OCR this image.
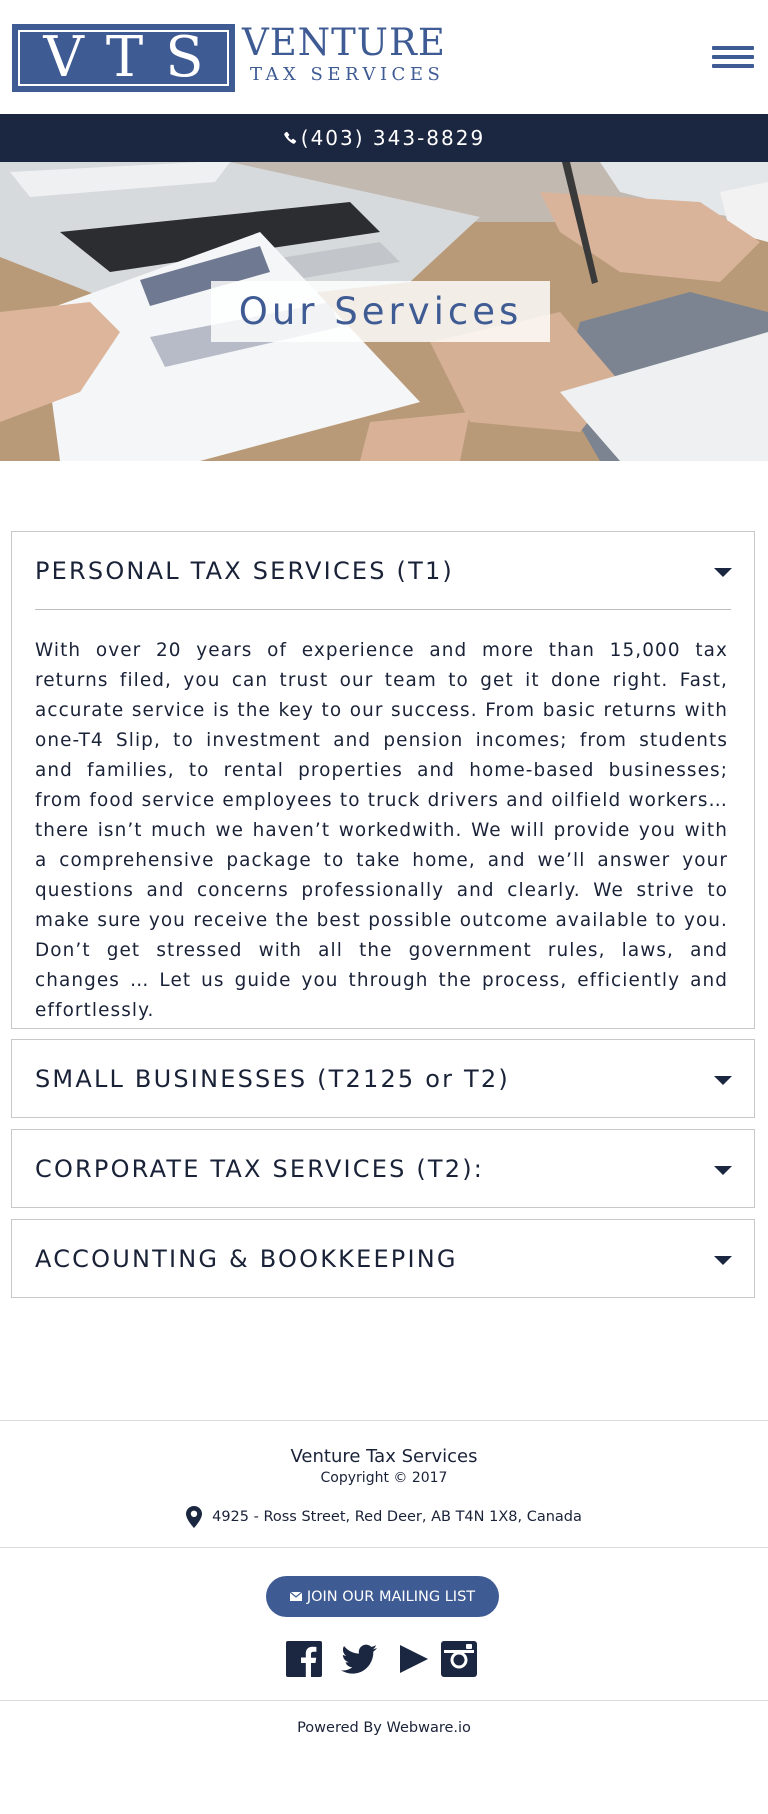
VTS VENTURE
TAX SERVICES
(403) 343-8829
Our Services
PERSONAL TAX SERVICES (T1)

With over 20 years of experience and more than 15,000 tax returns filed, you can trust our team to get it done right. Fast, accurate service is the key to our success. From basic returns with one-T4 Slip, to investment and pension incomes; from students and families, to rental properties and home-based businesses; from food service employees to truck drivers and oilfield workers… there isn’t much we haven’t workedwith. We will provide you with a comprehensive package to take home, and we’ll answer your questions and concerns professionally and clearly. We strive to make sure you receive the best possible outcome available to you. Don’t get stressed with all the government rules, laws, and changes … Let us guide you through the process, efficiently and effortlessly.

SMALL BUSINESSES (T2125 or T2)
CORPORATE TAX SERVICES (T2):
ACCOUNTING & BOOKKEEPING
Venture Tax Services
Copyright © 2017
4925 - Ross Street, Red Deer, AB T4N 1X8, Canada
JOIN OUR MAILING LIST
Powered By Webware.io
